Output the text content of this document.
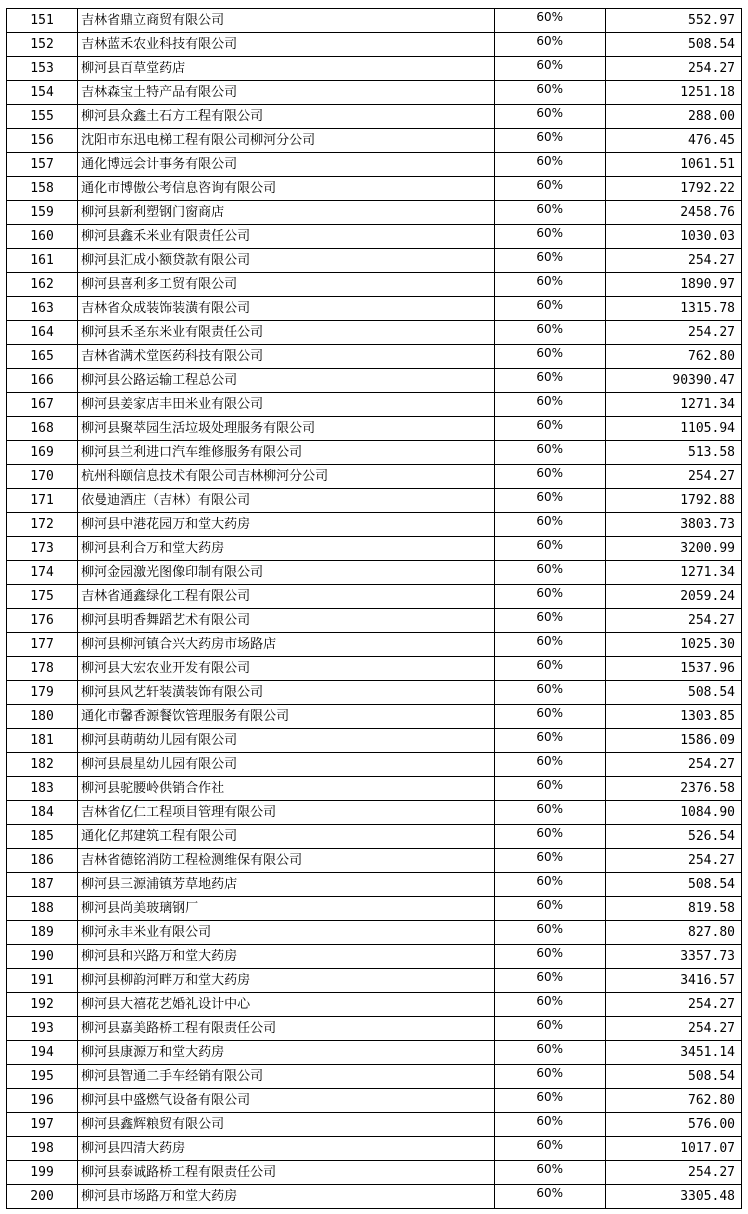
151	吉林省鼎立商贸有限公司	60%	552.97
152	吉林蓝禾农业科技有限公司	60%	508.54
153	柳河县百草堂药店	60%	254.27
154	吉林森宝土特产品有限公司	60%	1251.18
155	柳河县众鑫土石方工程有限公司	60%	288.00
156	沈阳市东迅电梯工程有限公司柳河分公司	60%	476.45
157	通化博远会计事务有限公司	60%	1061.51
158	通化市博傲公考信息咨询有限公司	60%	1792.22
159	柳河县新利塑钢门窗商店	60%	2458.76
160	柳河县鑫禾米业有限责任公司	60%	1030.03
161	柳河县汇成小额贷款有限公司	60%	254.27
162	柳河县喜利多工贸有限公司	60%	1890.97
163	吉林省众成装饰装潢有限公司	60%	1315.78
164	柳河县禾圣东米业有限责任公司	60%	254.27
165	吉林省满术堂医药科技有限公司	60%	762.80
166	柳河县公路运输工程总公司	60%	90390.47
167	柳河县姜家店丰田米业有限公司	60%	1271.34
168	柳河县聚萃园生活垃圾处理服务有限公司	60%	1105.94
169	柳河县兰利进口汽车维修服务有限公司	60%	513.58
170	杭州科颐信息技术有限公司吉林柳河分公司	60%	254.27
171	依曼迪酒庄（吉林）有限公司	60%	1792.88
172	柳河县中港花园万和堂大药房	60%	3803.73
173	柳河县利合万和堂大药房	60%	3200.99
174	柳河金园激光图像印制有限公司	60%	1271.34
175	吉林省通鑫绿化工程有限公司	60%	2059.24
176	柳河县明香舞蹈艺术有限公司	60%	254.27
177	柳河县柳河镇合兴大药房市场路店	60%	1025.30
178	柳河县大宏农业开发有限公司	60%	1537.96
179	柳河县风艺轩装潢装饰有限公司	60%	508.54
180	通化市馨香源餐饮管理服务有限公司	60%	1303.85
181	柳河县萌萌幼儿园有限公司	60%	1586.09
182	柳河县晨星幼儿园有限公司	60%	254.27
183	柳河县驼腰岭供销合作社	60%	2376.58
184	吉林省亿仁工程项目管理有限公司	60%	1084.90
185	通化亿邦建筑工程有限公司	60%	526.54
186	吉林省德铭消防工程检测维保有限公司	60%	254.27
187	柳河县三源浦镇芳草地药店	60%	508.54
188	柳河县尚美玻璃钢厂	60%	819.58
189	柳河永丰米业有限公司	60%	827.80
190	柳河县和兴路万和堂大药房	60%	3357.73
191	柳河县柳韵河畔万和堂大药房	60%	3416.57
192	柳河县大禧花艺婚礼设计中心	60%	254.27
193	柳河县嘉美路桥工程有限责任公司	60%	254.27
194	柳河县康源万和堂大药房	60%	3451.14
195	柳河县智通二手车经销有限公司	60%	508.54
196	柳河县中盛燃气设备有限公司	60%	762.80
197	柳河县鑫辉粮贸有限公司	60%	576.00
198	柳河县四清大药房	60%	1017.07
199	柳河县泰诚路桥工程有限责任公司	60%	254.27
200	柳河县市场路万和堂大药房	60%	3305.48
